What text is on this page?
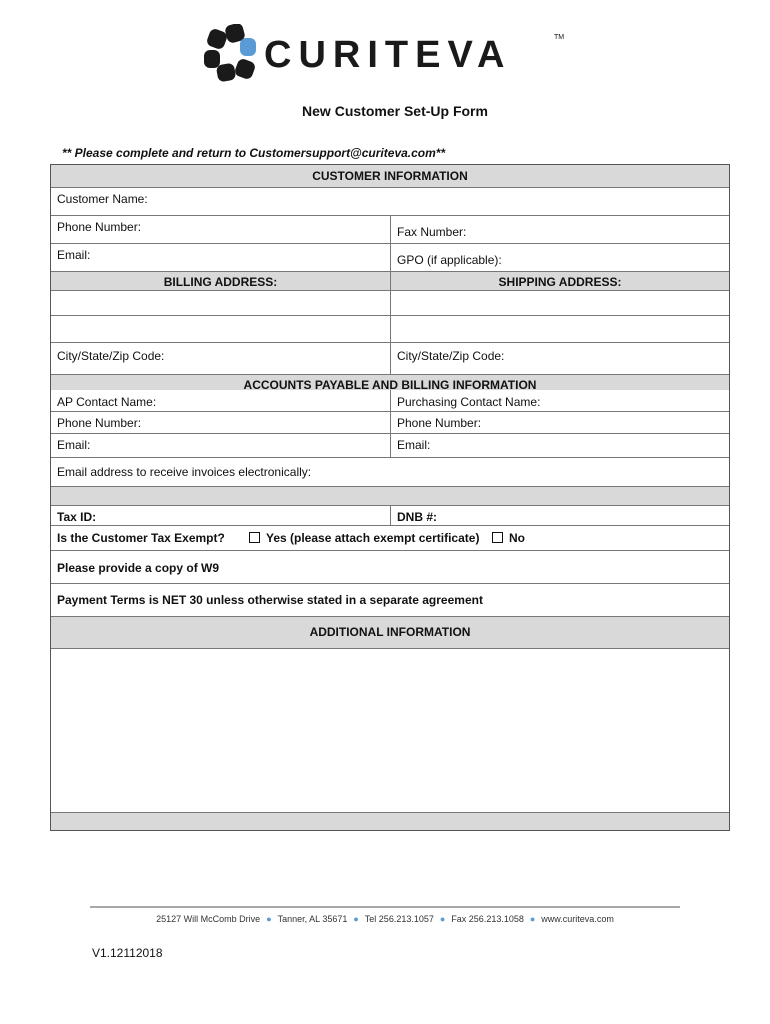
CURITEVA	TM
New Customer Set-Up Form
** Please complete and return to Customersupport@curiteva.com**
CUSTOMER INFORMATION
Customer Name:
Phone Number:	Fax Number:
Email:	GPO (if applicable):
BILLING ADDRESS:	SHIPPING ADDRESS:
City/State/Zip Code:	City/State/Zip Code:
ACCOUNTS PAYABLE AND BILLING INFORMATION
AP Contact Name:	Purchasing Contact Name:
Phone Number:	Phone Number:
Email:	Email:
Email address to receive invoices electronically:
Tax ID:	DNB #:
Is the Customer Tax Exempt?	Yes (please attach exempt certificate)	No
Please provide a copy of W9
Payment Terms is NET 30 unless otherwise stated in a separate agreement
ADDITIONAL INFORMATION
25127 Will McComb Drive ● Tanner, AL 35671 ● Tel 256.213.1057 ● Fax 256.213.1058 ● www.curiteva.com
V1.12112018
